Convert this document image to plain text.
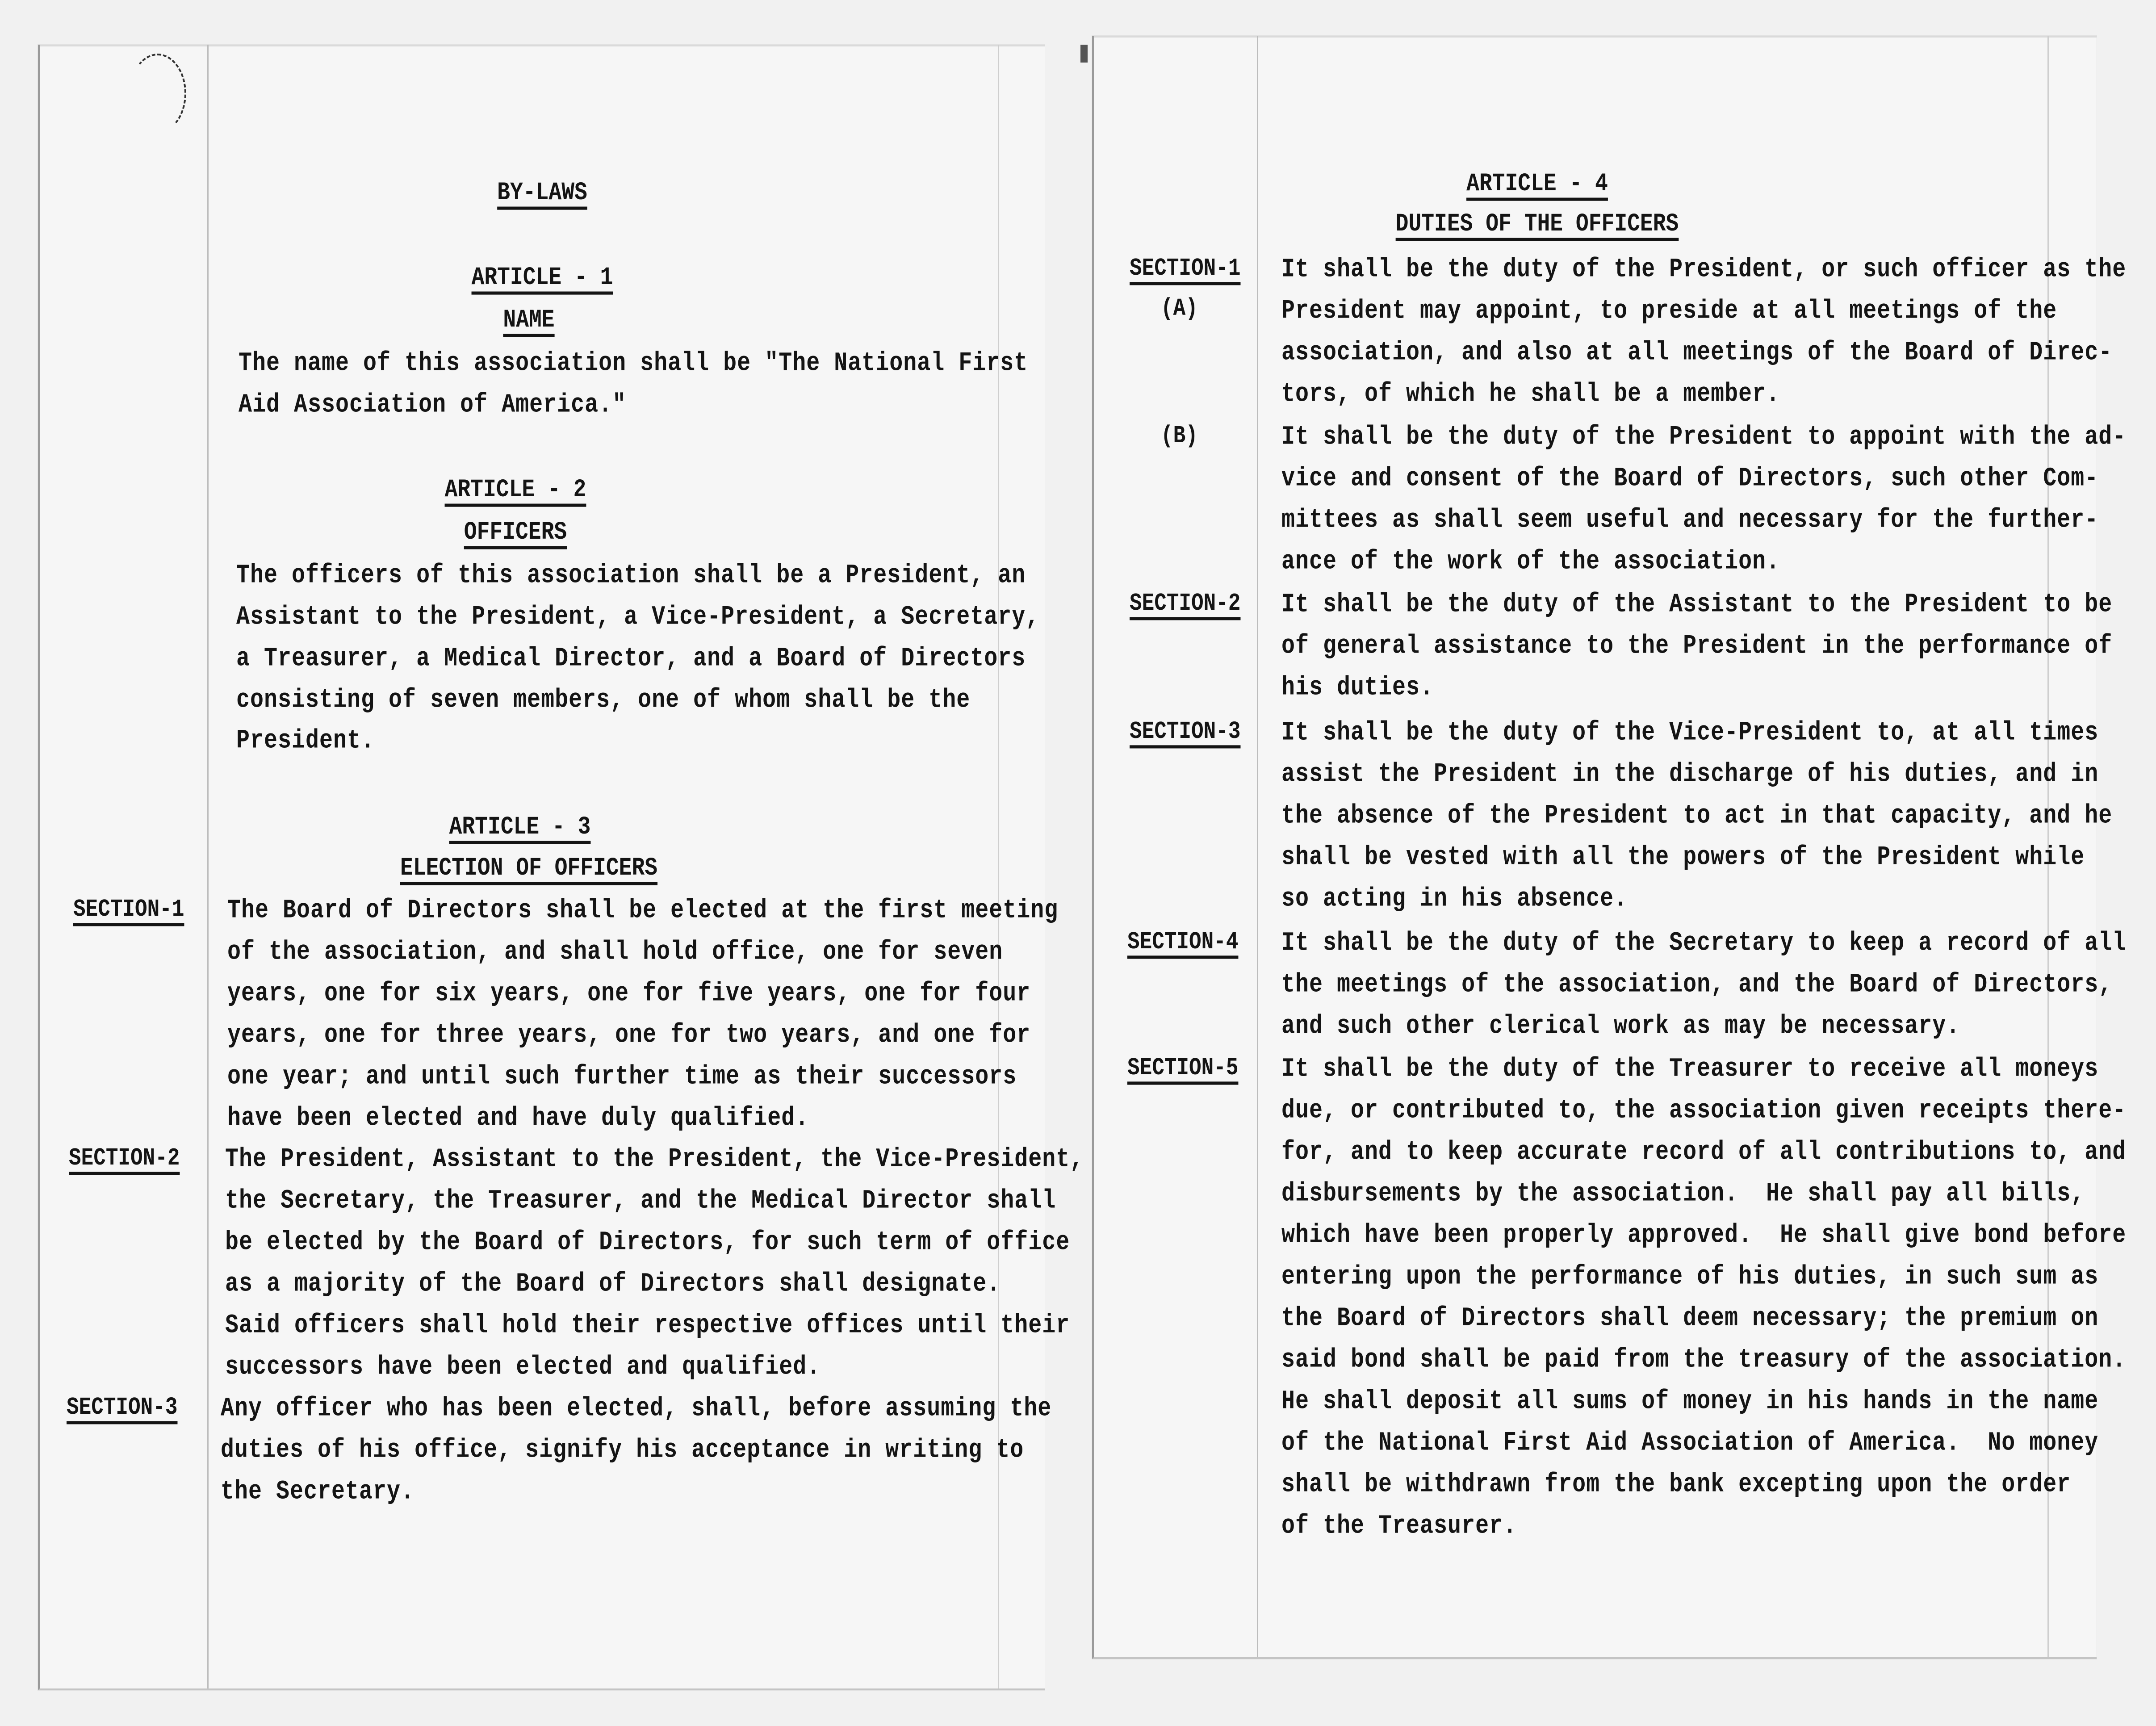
BY-LAWS
ARTICLE - 1
NAME
The name of this association shall be "The National First
Aid Association of America."
ARTICLE - 2
OFFICERS
The officers of this association shall be a President, an
Assistant to the President, a Vice-President, a Secretary,
a Treasurer, a Medical Director, and a Board of Directors
consisting of seven members, one of whom shall be the
President.
ARTICLE - 3
ELECTION OF OFFICERS
SECTION-1 The Board of Directors shall be elected at the first meeting
of the association, and shall hold office, one for seven
years, one for six years, one for five years, one for four
years, one for three years, one for two years, and one for
one year; and until such further time as their successors
have been elected and have duly qualified.
SECTION-2 The President, Assistant to the President, the Vice-President,
the Secretary, the Treasurer, and the Medical Director shall
be elected by the Board of Directors, for such term of office
as a majority of the Board of Directors shall designate.
Said officers shall hold their respective offices until their
successors have been elected and qualified.
SECTION-3 Any officer who has been elected, shall, before assuming the
duties of his office, signify his acceptance in writing to
the Secretary.
ARTICLE - 4
DUTIES OF THE OFFICERS
SECTION-1
(A)
It shall be the duty of the President, or such officer as the
President may appoint, to preside at all meetings of the
association, and also at all meetings of the Board of Direc-
tors, of which he shall be a member.
(B)	It shall be the duty of the President to appoint with the ad-
vice and consent of the Board of Directors, such other Com-
mittees as shall seem useful and necessary for the further-
ance of the work of the association.
SECTION-2 It shall be the duty of the Assistant to the President to be
of general assistance to the President in the performance of
his duties.
SECTION-3 It shall be the duty of the Vice-President to, at all times
assist the President in the discharge of his duties, and in
the absence of the President to act in that capacity, and he
shall be vested with all the powers of the President while
so acting in his absence.
SECTION-4 It shall be the duty of the Secretary to keep a record of all
the meetings of the association, and the Board of Directors,
and such other clerical work as may be necessary.
SECTION-5 It shall be the duty of the Treasurer to receive all moneys
due, or contributed to, the association given receipts there-
for, and to keep accurate record of all contributions to, and
disbursements by the association.  He shall pay all bills,
which have been properly approved.  He shall give bond before
entering upon the performance of his duties, in such sum as
the Board of Directors shall deem necessary; the premium on
said bond shall be paid from the treasury of the association.
He shall deposit all sums of money in his hands in the name
of the National First Aid Association of America.  No money
shall be withdrawn from the bank excepting upon the order
of the Treasurer.
